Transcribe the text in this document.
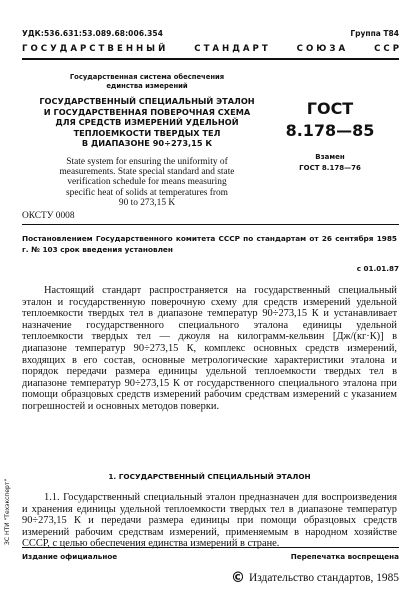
УДК:536.631:53.089.68:006.354	Группа Т84
Г О С У Д А Р С Т В Е Н Н Ы Й	С Т А Н Д А Р Т	С О Ю З А	С С Р
Государственная система обеспечения
единства измерений
ГОСУДАРСТВЕННЫЙ СПЕЦИАЛЬНЫЙ ЭТАЛОН
И ГОСУДАРСТВЕННАЯ ПОВЕРОЧНАЯ СХЕМА
ДЛЯ СРЕДСТВ ИЗМЕРЕНИЙ УДЕЛЬНОЙ
ТЕПЛОЕМКОСТИ ТВЕРДЫХ ТЕЛ
В ДИАПАЗОНЕ 90÷273,15 К
State system for ensuring the uniformity of
measurements. State special standard and state
verification schedule for means measuring
specific heat of solids at temperatures from
90 to 273,15 K
ГОСТ
8.178—85
Взамен
ГОСТ 8.178—76
ОКСТУ 0008
Постановлением Государственного комитета СССР по стандартам от 26 сентября 1985 г. № 103 срок введения установлен
с 01.01.87
Настоящий стандарт распространяется на государственный специальный эталон и государственную поверочную схему для средств измерений удельной теплоемкости твердых тел в диапазоне температур 90÷273,15 К и устанавливает назначение государственного специального эталона единицы удельной теплоемкости твердых тел — джоуля на килограмм-кельвин [Дж/(кг·К)] в диапазоне температур 90÷273,15 К, комплекс основных средств измерений, входящих в его состав, основные метрологические характеристики эталона и порядок передачи размера единицы удельной теплоемкости твердых тел в диапазоне температур 90÷273,15 К от государственного специального эталона при помощи образцовых средств измерений рабочим средствам измерений с указанием погрешностей и основных методов поверки.
1. ГОСУДАРСТВЕННЫЙ СПЕЦИАЛЬНЫЙ ЭТАЛОН
1.1. Государственный специальный эталон предназначен для воспроизведения и хранения единицы удельной теплоемкости твердых тел в диапазоне температур 90÷273,15 К и передачи размера единицы при помощи образцовых средств измерений рабочим средствам измерений, применяемым в народном хозяйстве СССР, с целью обеспечения единства измерений в стране.
Издание официальное	Перепечатка воспрещена
© Издательство стандартов, 1985
ЗС НТИ "Техэксперт"
